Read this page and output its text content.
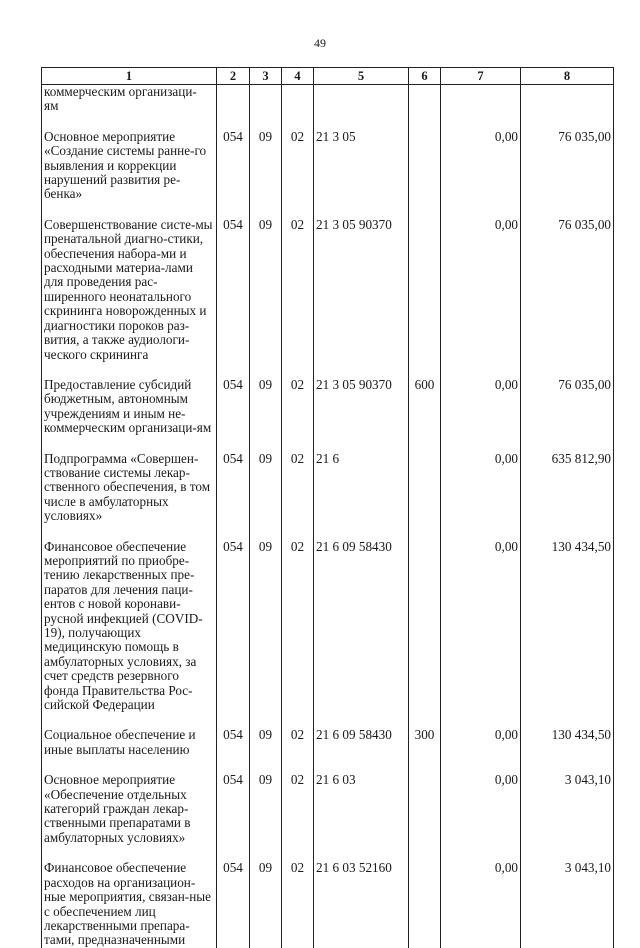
49
1	2	3	4	5	6	7	8
коммерческим организаци-
ям							
Основное мероприятие «Создание системы ранне-го выявления и коррекции нарушений развития ре-бенка»	054	09	02	21 3 05		0,00	76 035,00
Совершенствование систе-мы пренатальной диагно-стики, обеспечения набора-ми и расходными материа-лами для проведения рас-ширенного неонатального скрининга новорожденных и диагностики пороков раз-вития, а также аудиологи-ческого скрининга	054	09	02	21 3 05 90370		0,00	76 035,00
Предоставление субсидий бюджетным, автономным учреждениям и иным не-коммерческим организаци-ям	054	09	02	21 3 05 90370	600	0,00	76 035,00
Подпрограмма «Совершен-ствование системы лекар-ственного обеспечения, в том числе в амбулаторных условиях»	054	09	02	21 6		0,00	635 812,90
Финансовое обеспечение мероприятий по приобре-тению лекарственных пре-паратов для лечения паци-ентов с новой коронави-русной инфекцией (COVID-19), получающих медицинскую помощь в амбулаторных условиях, за счет средств резервного фонда Правительства Рос-сийской Федерации	054	09	02	21 6 09 58430		0,00	130 434,50
Социальное обеспечение и иные выплаты населению	054	09	02	21 6 09 58430	300	0,00	130 434,50
Основное мероприятие «Обеспечение отдельных категорий граждан лекар-ственными препаратами в амбулаторных условиях»	054	09	02	21 6 03		0,00	3 043,10
Финансовое обеспечение расходов на организацион-ные мероприятия, связан-ные с обеспечением лиц лекарственными препара-тами, предназначенными	054	09	02	21 6 03 52160		0,00	3 043,10
